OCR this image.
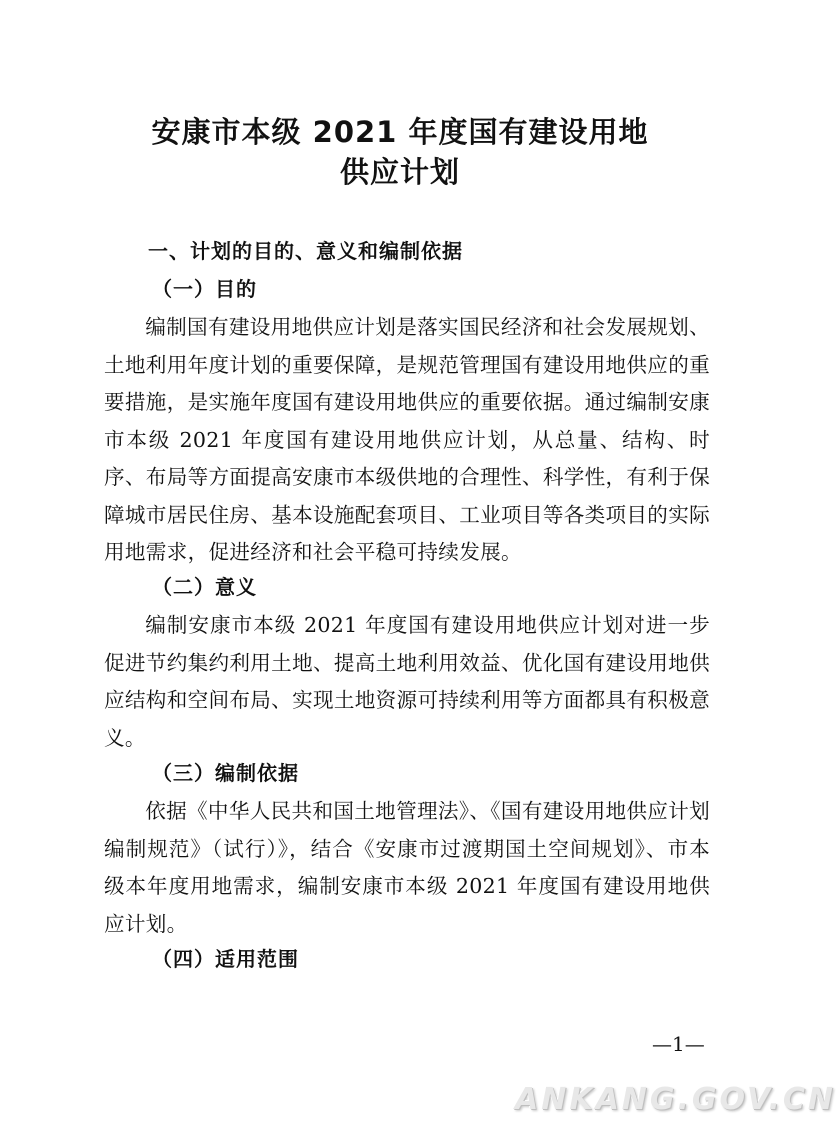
安康市本级 2021 年度国有建设用地
供应计划
一、计划的目的、意义和编制依据
（一）目的

编制国有建设用地供应计划是落实国民经济和社会发展规划、土地利用年度计划的重要保障，是规范管理国有建设用地供应的重要措施，是实施年度国有建设用地供应的重要依据。通过编制安康市本级 2021 年度国有建设用地供应计划，从总量、结构、时序、布局等方面提高安康市本级供地的合理性、科学性，有利于保障城市居民住房、基本设施配套项目、工业项目等各类项目的实际用地需求，促进经济和社会平稳可持续发展。

（二）意义

编制安康市本级 2021 年度国有建设用地供应计划对进一步促进节约集约利用土地、提高土地利用效益、优化国有建设用地供应结构和空间布局、实现土地资源可持续利用等方面都具有积极意义。

（三）编制依据

依据《中华人民共和国土地管理法》、《国有建设用地供应计划编制规范》（试行）》，结合《安康市过渡期国土空间规划》、市本级本年度用地需求，编制安康市本级 2021 年度国有建设用地供应计划。

（四）适用范围
—1—
ANKANG.GOV.CN
